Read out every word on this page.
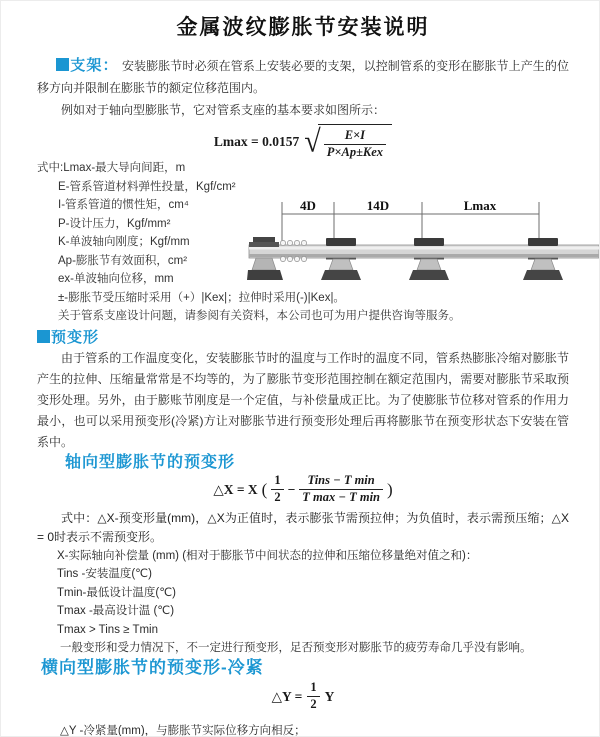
金属波纹膨胀节安装说明

支架： 安装膨胀节时必须在管系上安装必要的支架，以控制管系的变形在膨胀节上产生的位移方向并限制在膨胀节的额定位移范围内。

例如对于轴向型膨胀节，它对管系支座的基本要求如图所示：

Lmax = 0.0157 √ $\frac{E\times I}{\text{P×Ap±Kex}}$
式中:Lmax-最大导向间距，m
E-管系管道材料弹性投量，Kgf/cm²
I-管系管道的惯性矩，cm⁴
P-设计压力，Kgf/mm²
K-单波轴向刚度；Kgf/mm
Ap-膨胀节有效面积，cm²
ex-单波轴向位移，mm
±-膨胀节受压缩时采用（+）|Kex|；拉伸时采用(-)|Kex|。
关于管系支座设计问题，请参阅有关资料，本公司也可为用户提供咨询等服务。
预变形

由于管系的工作温度变化，安装膨胀节时的温度与工作时的温度不同，管系热膨胀冷缩对膨胀节产生的拉伸、压缩量常常是不均等的，为了膨胀节变形范围控制在额定范围内，需要对膨胀节采取预变形处理。另外，由于膨账节刚度是一个定值，与补偿量成正比。为了使膨胀节位移对管系的作用力最小，也可以采用预变形(冷紧)方让对膨胀节进行预变形处理后再将膨胀节在预变形状态下安装在管系中。

轴向型膨胀节的预变形
△X = X ( $\frac{1}{2} - \frac{\text{Tins − T min}}{\text{T max − T min}}$ )

式中：△X-预变形量(mm)，△X为正值时，表示膨张节需预拉伸；为负值时，表示需预压缩；△X = 0时表示不需预变形。

X-实际轴向补偿量 (mm) (相对于膨胀节中间状态的拉伸和压缩位移量绝对值之和)：
Tins -安装温度(℃)
Tmin-最低设计温度(℃)
Tmax -最高设计温 (℃)
Tmax > Tins ≥ Tmin
一般变形和受力情况下，不一定进行预变形，足否预变形对膨胀节的疲劳寿命几乎没有影响。
横向型膨胀节的预变形-冷紧
△Y = $\frac{1}{2}$ Y

△Y -冷紧量(mm)，与膨胀节实际位移方向相反；

4D	14D	Lmax
